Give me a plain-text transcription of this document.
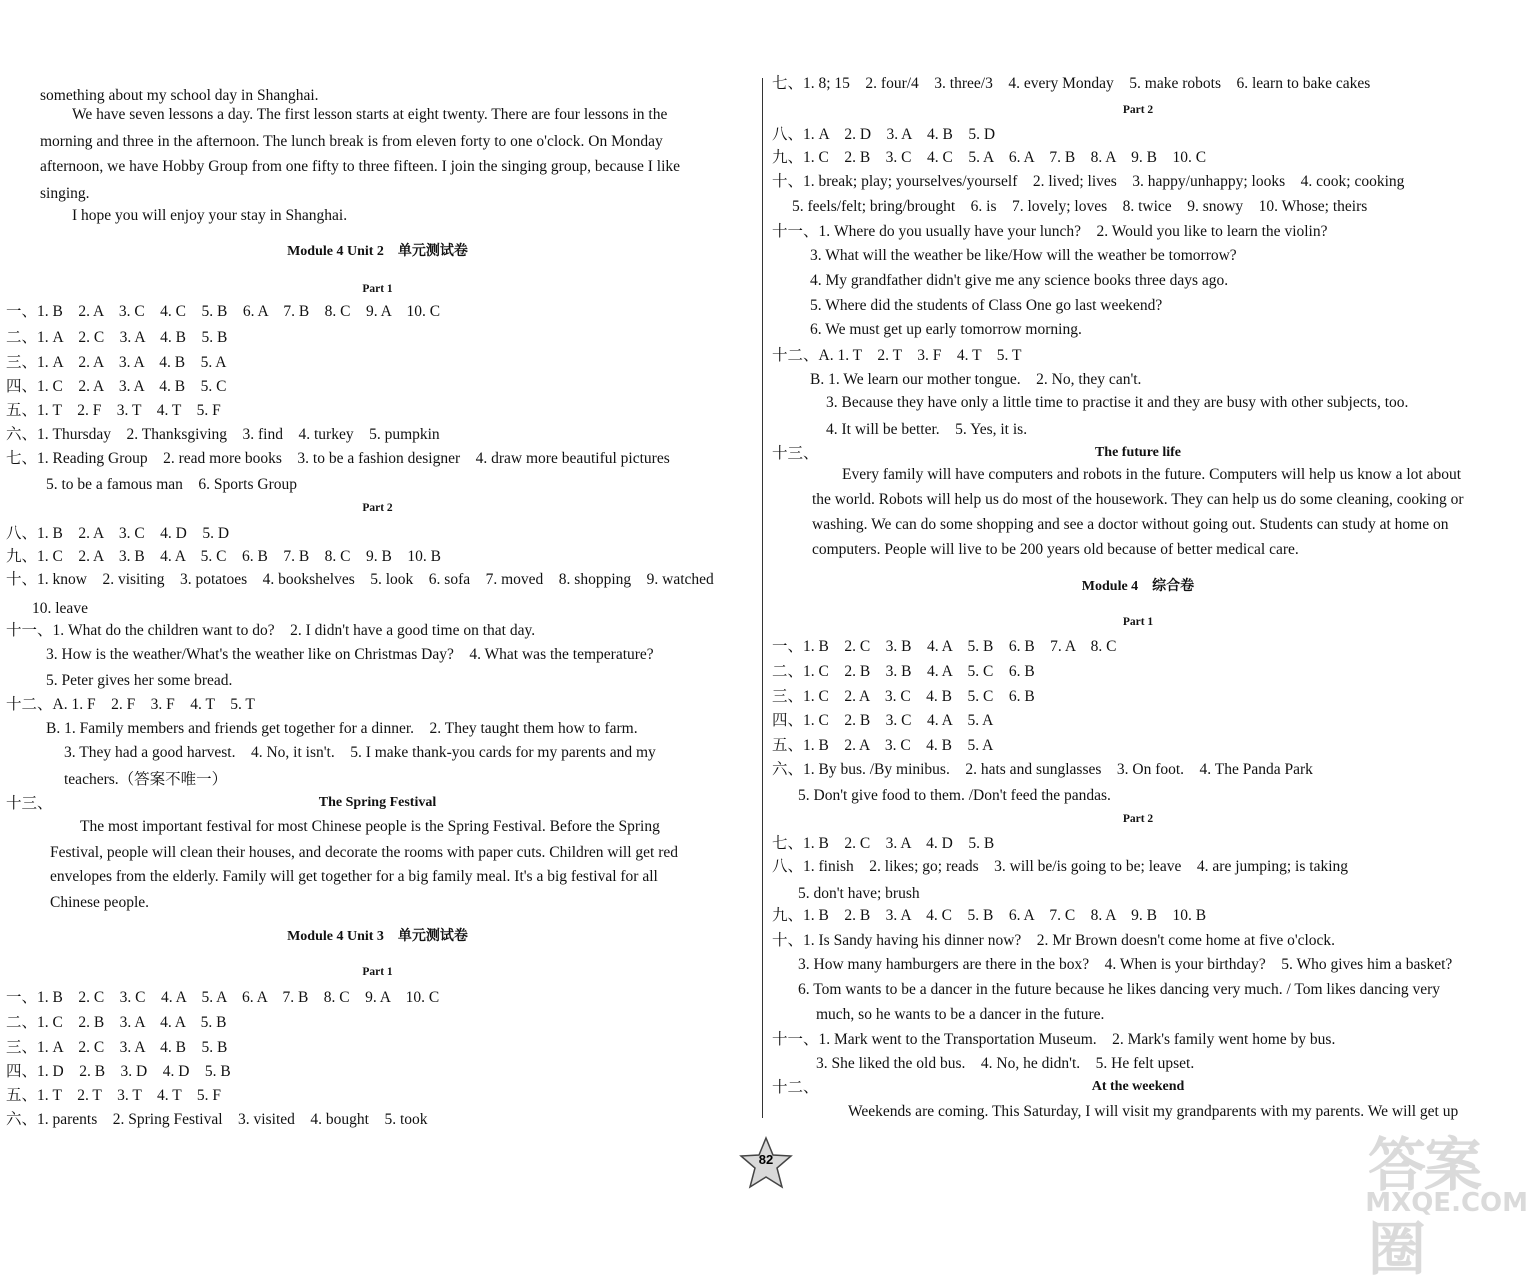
something about my school day in Shanghai.
We have seven lessons a day. The first lesson starts at eight twenty. There are four lessons in the
morning and three in the afternoon. The lunch break is from eleven forty to one o'clock. On Monday
afternoon, we have Hobby Group from one fifty to three fifteen. I join the singing group, because I like
singing.
I hope you will enjoy your stay in Shanghai.
Module 4 Unit 2　单元测试卷
Part 1
一、1. B　2. A　3. C　4. C　5. B　6. A　7. B　8. C　9. A　10. C
二、1. A　2. C　3. A　4. B　5. B
三、1. A　2. A　3. A　4. B　5. A
四、1. C　2. A　3. A　4. B　5. C
五、1. T　2. F　3. T　4. T　5. F
六、1. Thursday　2. Thanksgiving　3. find　4. turkey　5. pumpkin
七、1. Reading Group　2. read more books　3. to be a fashion designer　4. draw more beautiful pictures
5. to be a famous man　6. Sports Group
Part 2
八、1. B　2. A　3. C　4. D　5. D
九、1. C　2. A　3. B　4. A　5. C　6. B　7. B　8. C　9. B　10. B
十、1. know　2. visiting　3. potatoes　4. bookshelves　5. look　6. sofa　7. moved　8. shopping　9. watched
10. leave
十一、1. What do the children want to do?　2. I didn't have a good time on that day.
3. How is the weather/What's the weather like on Christmas Day?　4. What was the temperature?
5. Peter gives her some bread.
十二、A. 1. F　2. F　3. F　4. T　5. T
B. 1. Family members and friends get together for a dinner.　2. They taught them how to farm.
3. They had a good harvest.　4. No, it isn't.　5. I make thank-you cards for my parents and my
teachers.（答案不唯一）
十三、	The Spring Festival
The most important festival for most Chinese people is the Spring Festival. Before the Spring
Festival, people will clean their houses, and decorate the rooms with paper cuts. Children will get red
envelopes from the elderly. Family will get together for a big family meal. It's a big festival for all
Chinese people.
Module 4 Unit 3　单元测试卷
Part 1
一、1. B　2. C　3. C　4. A　5. A　6. A　7. B　8. C　9. A　10. C
二、1. C　2. B　3. A　4. A　5. B
三、1. A　2. C　3. A　4. B　5. B
四、1. D　2. B　3. D　4. D　5. B
五、1. T　2. T　3. T　4. T　5. F
六、1. parents　2. Spring Festival　3. visited　4. bought　5. took
七、1. 8; 15　2. four/4　3. three/3　4. every Monday　5. make robots　6. learn to bake cakes
Part 2
八、1. A　2. D　3. A　4. B　5. D
九、1. C　2. B　3. C　4. C　5. A　6. A　7. B　8. A　9. B　10. C
十、1. break; play; yourselves/yourself　2. lived; lives　3. happy/unhappy; looks　4. cook; cooking
5. feels/felt; bring/brought　6. is　7. lovely; loves　8. twice　9. snowy　10. Whose; theirs
十一、1. Where do you usually have your lunch?　2. Would you like to learn the violin?
3. What will the weather be like/How will the weather be tomorrow?
4. My grandfather didn't give me any science books three days ago.
5. Where did the students of Class One go last weekend?
6. We must get up early tomorrow morning.
十二、A. 1. T　2. T　3. F　4. T　5. T
B. 1. We learn our mother tongue.　2. No, they can't.
3. Because they have only a little time to practise it and they are busy with other subjects, too.
4. It will be better.　5. Yes, it is.
十三、	The future life
Every family will have computers and robots in the future. Computers will help us know a lot about
the world. Robots will help us do most of the housework. They can help us do some cleaning, cooking or
washing. We can do some shopping and see a doctor without going out. Students can study at home on
computers. People will live to be 200 years old because of better medical care.
Module 4　综合卷
Part 1
一、1. B　2. C　3. B　4. A　5. B　6. B　7. A　8. C
二、1. C　2. B　3. B　4. A　5. C　6. B
三、1. C　2. A　3. C　4. B　5. C　6. B
四、1. C　2. B　3. C　4. A　5. A
五、1. B　2. A　3. C　4. B　5. A
六、1. By bus. /By minibus.　2. hats and sunglasses　3. On foot.　4. The Panda Park
5. Don't give food to them. /Don't feed the pandas.
Part 2
七、1. B　2. C　3. A　4. D　5. B
八、1. finish　2. likes; go; reads　3. will be/is going to be; leave　4. are jumping; is taking
5. don't have; brush
九、1. B　2. B　3. A　4. C　5. B　6. A　7. C　8. A　9. B　10. B
十、1. Is Sandy having his dinner now?　2. Mr Brown doesn't come home at five o'clock.
3. How many hamburgers are there in the box?　4. When is your birthday?　5. Who gives him a basket?
6. Tom wants to be a dancer in the future because he likes dancing very much. / Tom likes dancing very
much, so he wants to be a dancer in the future.
十一、1. Mark went to the Transportation Museum.　2. Mark's family went home by bus.
3. She liked the old bus.　4. No, he didn't.　5. He felt upset.
十二、	At the weekend
Weekends are coming. This Saturday, I will visit my grandparents with my parents. We will get up
82	答案圈
MXQE.COM
